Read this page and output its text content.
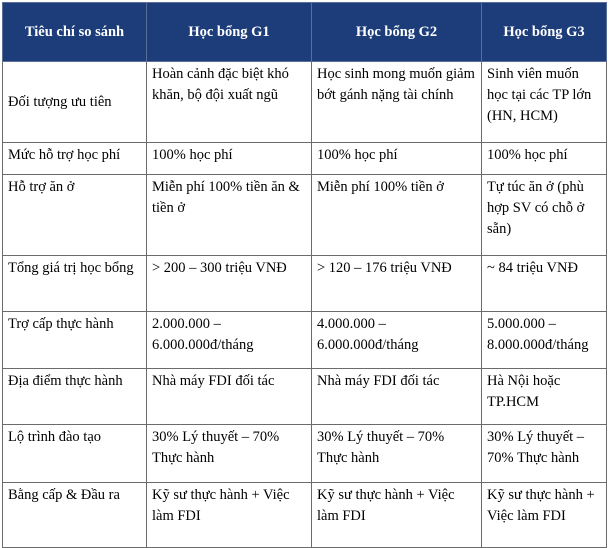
Tiêu chí so sánh	Học bổng G1	Học bổng G2	Học bổng G3
Đối tượng ưu tiên	Hoàn cảnh đặc biệt khó khăn, bộ đội xuất ngũ	Học sinh mong muốn giảm bớt gánh nặng tài chính	Sinh viên muốn học tại các TP lớn (HN, HCM)
Mức hỗ trợ học phí	100% học phí	100% học phí	100% học phí
Hỗ trợ ăn ở	Miễn phí 100% tiền ăn & tiền ở	Miễn phí 100% tiền ở	Tự túc ăn ở (phù hợp SV có chỗ ở sẵn)
Tổng giá trị học bổng	> 200 – 300 triệu VNĐ	> 120 – 176 triệu VNĐ	~ 84 triệu VNĐ
Trợ cấp thực hành	2.000.000 – 6.000.000đ/tháng	4.000.000 – 6.000.000đ/tháng	5.000.000 – 8.000.000đ/tháng
Địa điểm thực hành	Nhà máy FDI đối tác	Nhà máy FDI đối tác	Hà Nội hoặc TP.HCM
Lộ trình đào tạo	30% Lý thuyết – 70% Thực hành	30% Lý thuyết – 70% Thực hành	30% Lý thuyết – 70% Thực hành
Bằng cấp & Đầu ra	Kỹ sư thực hành + Việc làm FDI	Kỹ sư thực hành + Việc làm FDI	Kỹ sư thực hành + Việc làm FDI
